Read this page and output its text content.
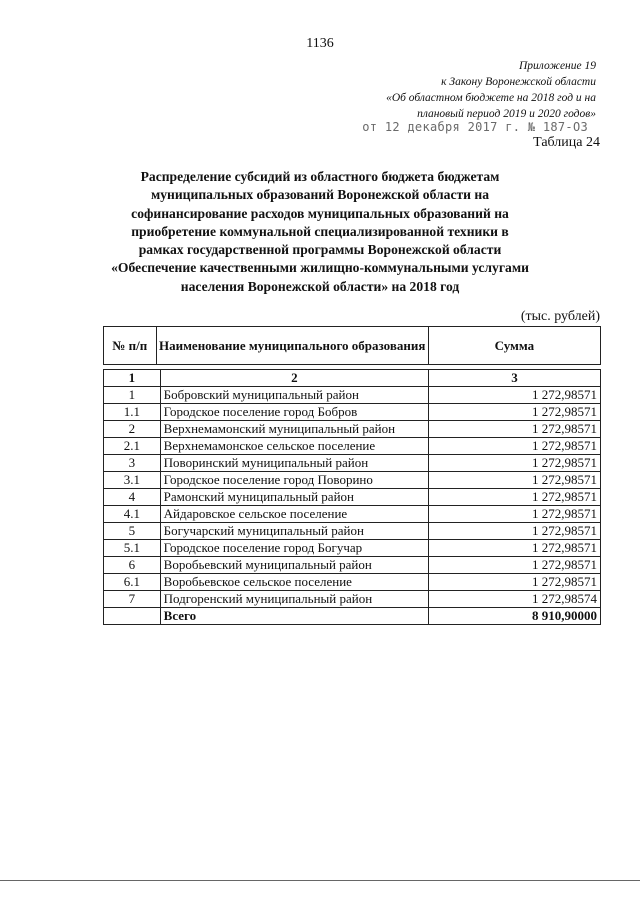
1136
Приложение 19
к Закону Воронежской области
«Об областном бюджете на 2018 год и на
плановый период 2019 и 2020 годов»
от 12 декабря 2017 г. № 187-ОЗ
Таблица 24
Распределение субсидий из областного бюджета бюджетам муниципальных образований Воронежской области на софинансирование расходов муниципальных образований на приобретение коммунальной специализированной техники в рамках государственной программы Воронежской области «Обеспечение качественными жилищно-коммунальными услугами населения Воронежской области» на 2018 год
(тыс. рублей)
№ п/п	Наименование муниципального образования	Сумма
1	2	3
1	Бобровский муниципальный район	1 272,98571
1.1	Городское поселение город Бобров	1 272,98571
2	Верхнемамонский муниципальный район	1 272,98571
2.1	Верхнемамонское сельское поселение	1 272,98571
3	Поворинский муниципальный район	1 272,98571
3.1	Городское поселение город Поворино	1 272,98571
4	Рамонский муниципальный район	1 272,98571
4.1	Айдаровское сельское поселение	1 272,98571
5	Богучарский муниципальный район	1 272,98571
5.1	Городское поселение город Богучар	1 272,98571
6	Воробьевский муниципальный район	1 272,98571
6.1	Воробьевское сельское поселение	1 272,98571
7	Подгоренский муниципальный район	1 272,98574
	Всего	8 910,90000
